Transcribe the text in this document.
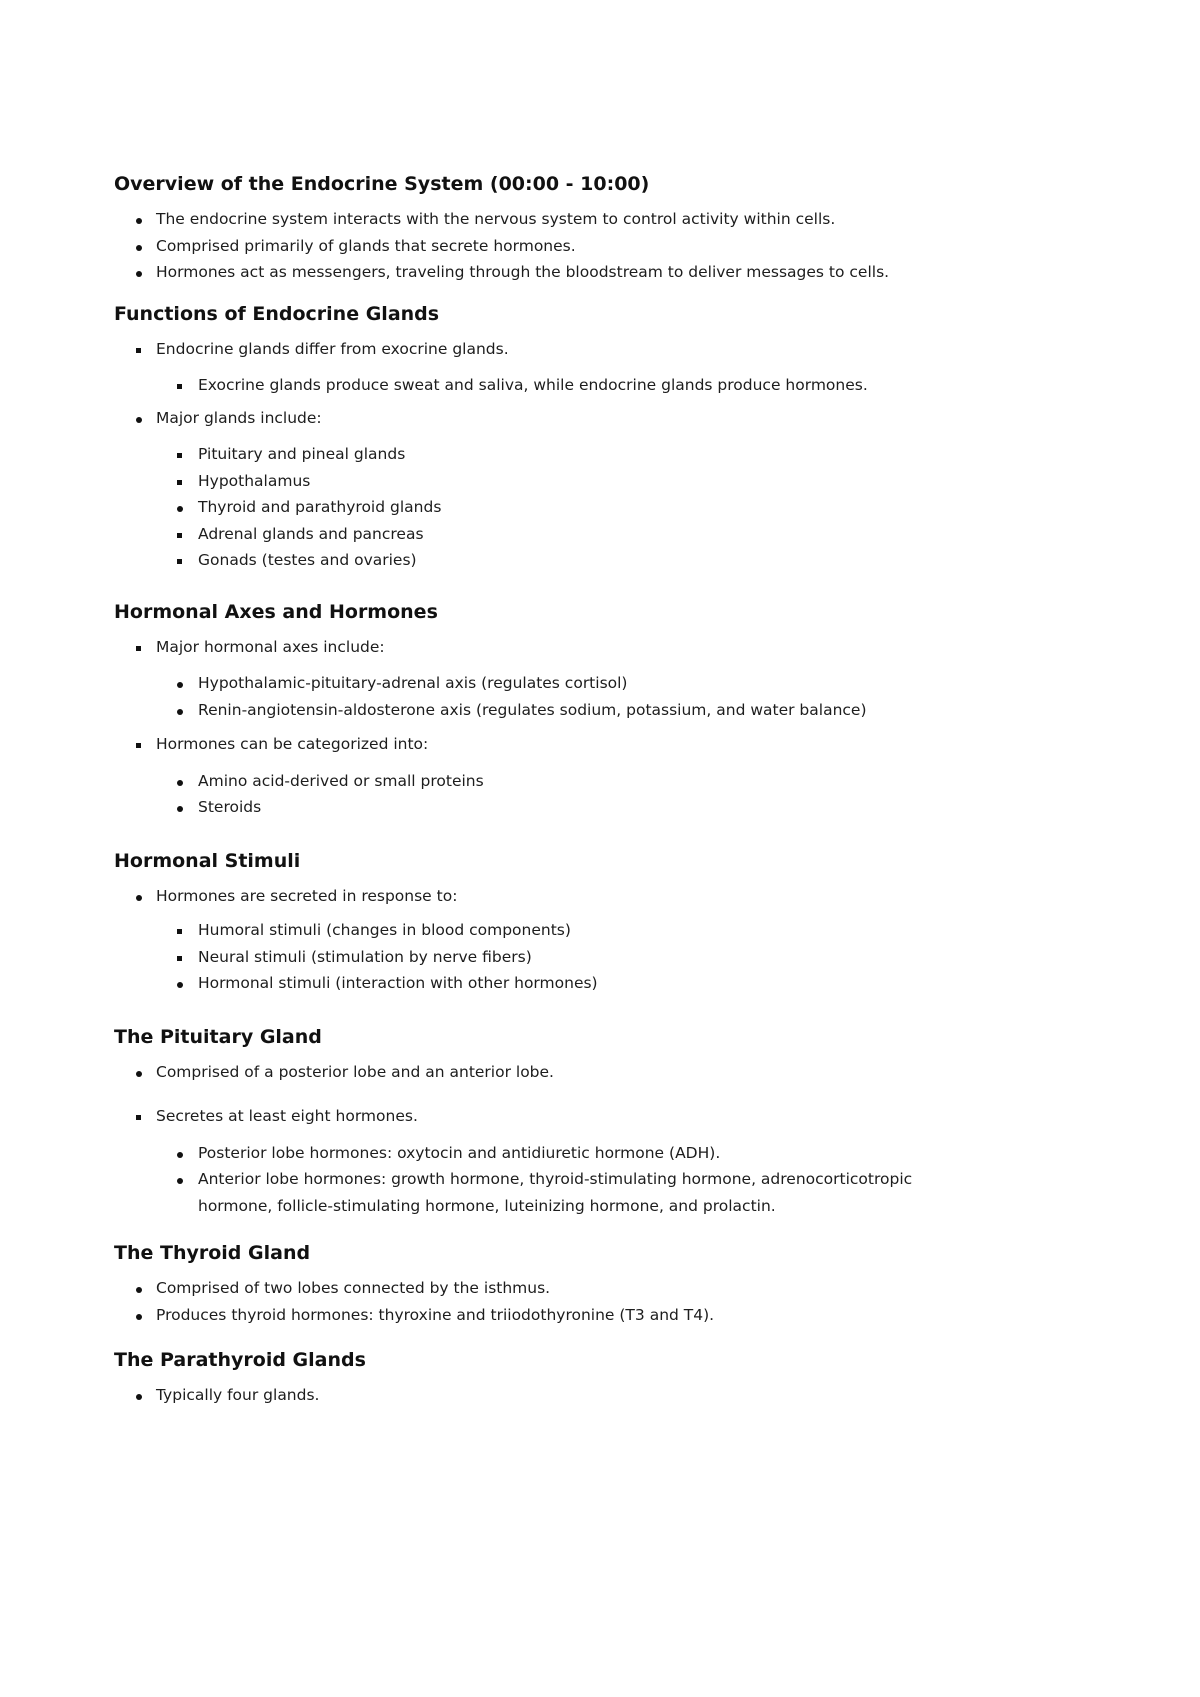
Overview of the Endocrine System (00:00 - 10:00)
The endocrine system interacts with the nervous system to control activity within cells.
Comprised primarily of glands that secrete hormones.
Hormones act as messengers, traveling through the bloodstream to deliver messages to cells.
Functions of Endocrine Glands
Endocrine glands differ from exocrine glands.
Exocrine glands produce sweat and saliva, while endocrine glands produce hormones.
Major glands include:
Pituitary and pineal glands
Hypothalamus
Thyroid and parathyroid glands
Adrenal glands and pancreas
Gonads (testes and ovaries)
Hormonal Axes and Hormones
Major hormonal axes include:
Hypothalamic-pituitary-adrenal axis (regulates cortisol)
Renin-angiotensin-aldosterone axis (regulates sodium, potassium, and water balance)
Hormones can be categorized into:
Amino acid-derived or small proteins
Steroids
Hormonal Stimuli
Hormones are secreted in response to:
Humoral stimuli (changes in blood components)
Neural stimuli (stimulation by nerve fibers)
Hormonal stimuli (interaction with other hormones)
The Pituitary Gland
Comprised of a posterior lobe and an anterior lobe.
Secretes at least eight hormones.
Posterior lobe hormones: oxytocin and antidiuretic hormone (ADH).
Anterior lobe hormones: growth hormone, thyroid-stimulating hormone, adrenocorticotropic hormone, follicle-stimulating hormone, luteinizing hormone, and prolactin.
The Thyroid Gland
Comprised of two lobes connected by the isthmus.
Produces thyroid hormones: thyroxine and triiodothyronine (T3 and T4).
The Parathyroid Glands
Typically four glands.
